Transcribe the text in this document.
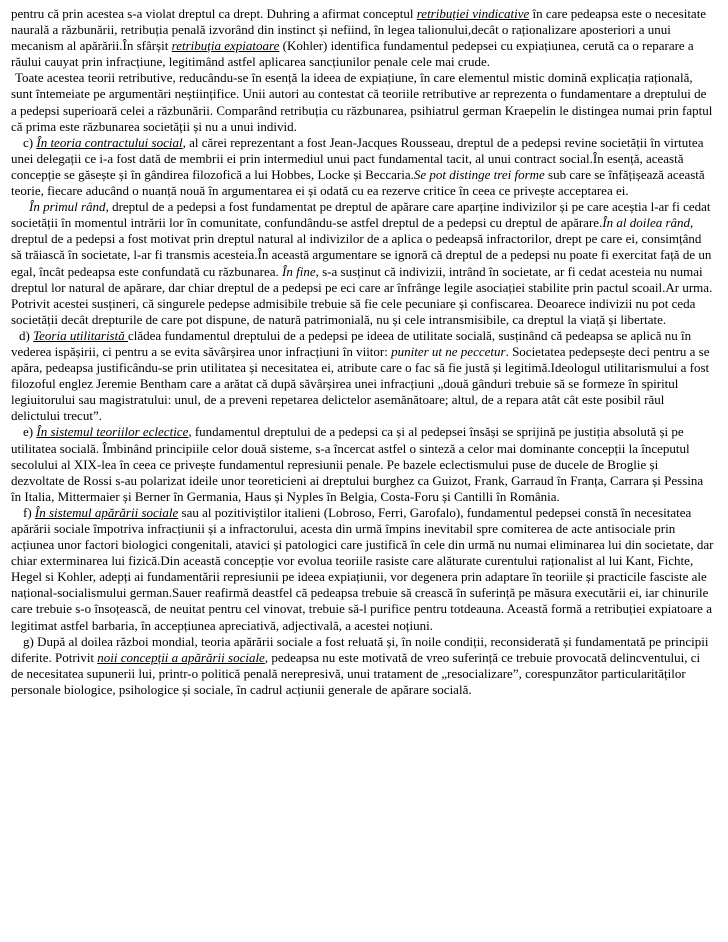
pentru că prin acestea s-a violat dreptul ca drept. Duhring a afirmat conceptul retribuției vindicative în care pedeapsa este o necesitate naurală a răzbunării, retribuția penală izvorând din instinct și nefiind, în legea talionului,decât o raționalizare aposteriori a unui mecanism al apărării.În sfârșit retribuția expiatoare (Kohler) identifica fundamentul pedepsei cu expiațiunea, cerută ca o reparare a răului cauyat prin infracțiune, legitimând astfel aplicarea sancțiunilor penale cele mai crude.

Toate acestea teorii retributive, reducându-se în esență la ideea de expiațiune, în care elementul mistic domină explicația rațională, sunt întemeiate pe argumentări neștiințifice. Unii autori au contestat că teoriile retributive ar reprezenta o fundamentare a dreptului de a pedepsi superioară celei a răzbunării. Comparând retribuția cu răzbunarea, psihiatrul german Kraepelin le distingea numai prin faptul că prima este răzbunarea societății și nu a unui individ.

c) În teoria contractului social, al cărei reprezentant a fost Jean-Jacques Rousseau, dreptul de a pedepsi revine societății în virtutea unei delegații ce i-a fost dată de membrii ei prin intermediul unui pact fundamental tacit, al unui contract social.În esență, această concepție se găsește și în gândirea filozofică a lui Hobbes, Locke și Beccaria.Se pot distinge trei forme sub care se înfățișează această teorie, fiecare aducând o nuanță nouă în argumentarea ei și odată cu ea rezerve critice în ceea ce privește acceptarea ei.

În primul rând, dreptul de a pedepsi a fost fundamentat pe dreptul de apărare care aparține indivizilor și pe care aceștia l-ar fi cedat societății în momentul intrării lor în comunitate, confundându-se astfel dreptul de a pedepsi cu dreptul de apărare.În al doilea rând, dreptul de a pedepsi a fost motivat prin dreptul natural al indivizilor de a aplica o pedeapsă infractorilor, drept pe care ei, consimțând să trăiască în societate, l-ar fi transmis acesteia.În această argumentare se ignoră că dreptul de a pedepsi nu poate fi exercitat față de un egal, încât pedeapsa este confundată cu răzbunarea. În fine, s-a susținut că indivizii, intrând în societate, ar fi cedat acesteia nu numai dreptul lor natural de apărare, dar chiar dreptul de a pedepsi pe eci care ar înfrânge legile asociației stabilite prin pactul scoail.Ar urma. Potrivit acestei susțineri, că singurele pedepse admisibile trebuie să fie cele pecuniare și confiscarea. Deoarece indivizii nu pot ceda societății decât drepturile de care pot dispune, de natură patrimonială, nu și cele intransmisibile, ca dreptul la viață și libertate.

d) Teoria utilitaristă clădea fundamentul dreptului de a pedepsi pe ideea de utilitate socială, susținând că pedeapsa se aplică nu în vederea ispășirii, ci pentru a se evita săvârșirea unor infracțiuni în viitor: puniter ut ne peccetur. Societatea pedepsește deci pentru a se apăra, pedeapsa justificându-se prin utilitatea și necesitatea ei, atribute care o fac să fie justă și legitimă.Ideologul utilitarismului a fost filozoful englez Jeremie Bentham care a arătat că după săvârșirea unei infracțiuni „două gânduri trebuie să se formeze în spiritul legiuitorului sau magistratului: unul, de a preveni repetarea delictelor asemănătoare; altul, de a repara atât cât este posibil răul delictului trecut”.

e) În sistemul teoriilor eclectice, fundamentul dreptului de a pedepsi ca și al pedepsei însăși se sprijină pe justiția absolută și pe utilitatea socială. Îmbinând principiile celor două sisteme, s-a încercat astfel o sinteză a celor mai dominante concepții la începutul secolului al XIX-lea în ceea ce privește fundamentul represiunii penale. Pe bazele eclectismului puse de ducele de Broglie și dezvoltate de Rossi s-au polarizat ideile unor teoreticieni ai dreptului burghez ca Guizot, Frank, Garraud în Franța, Carrara și Pessina în Italia, Mittermaier și Berner în Germania, Haus și Nyples în Belgia, Costa-Foru și Cantilli în România.

f) În sistemul apărării sociale sau al pozitiviștilor italieni (Lobroso, Ferri, Garofalo), fundamentul pedepsei constă în necesitatea apărării sociale împotriva infracțiunii și a infractorului, acesta din urmă împins inevitabil spre comiterea de acte antisociale prin acțiunea unor factori biologici congenitali, atavici și patologici care justifică în cele din urmă nu numai eliminarea lui din societate, dar chiar exterminarea lui fizică.Din această concepție vor evolua teoriile rasiste care alăturate curentului raționalist al lui Kant, Fichte, Hegel si Kohler, adepți ai fundamentării represiunii pe ideea expiațiunii, vor degenera prin adaptare în teoriile și practicile fasciste ale național-socialismului german.Sauer reafirmă deastfel că pedeapsa trebuie să crească în suferință pe măsura executării ei, iar chinurile care trebuie s-o însoțească, de neuitat pentru cel vinovat, trebuie să-l purifice pentru totdeauna. Această formă a retribuției expiatoare a legitimat astfel barbaria, în accepțiunea apreciativă, adjectivală, a acestei noțiuni.

g) După al doilea război mondial, teoria apărării sociale a fost reluată și, în noile condiții, reconsiderată și fundamentată pe principii diferite. Potrivit noii concepții a apărării sociale, pedeapsa nu este motivată de vreo suferință ce trebuie provocată delincventului, ci de necesitatea supunerii lui, printr-o politică penală nerepresivă, unui tratament de „resocializare”, corespunzător particularităților personale biologice, psihologice și sociale, în cadrul acțiunii generale de apărare socială.
